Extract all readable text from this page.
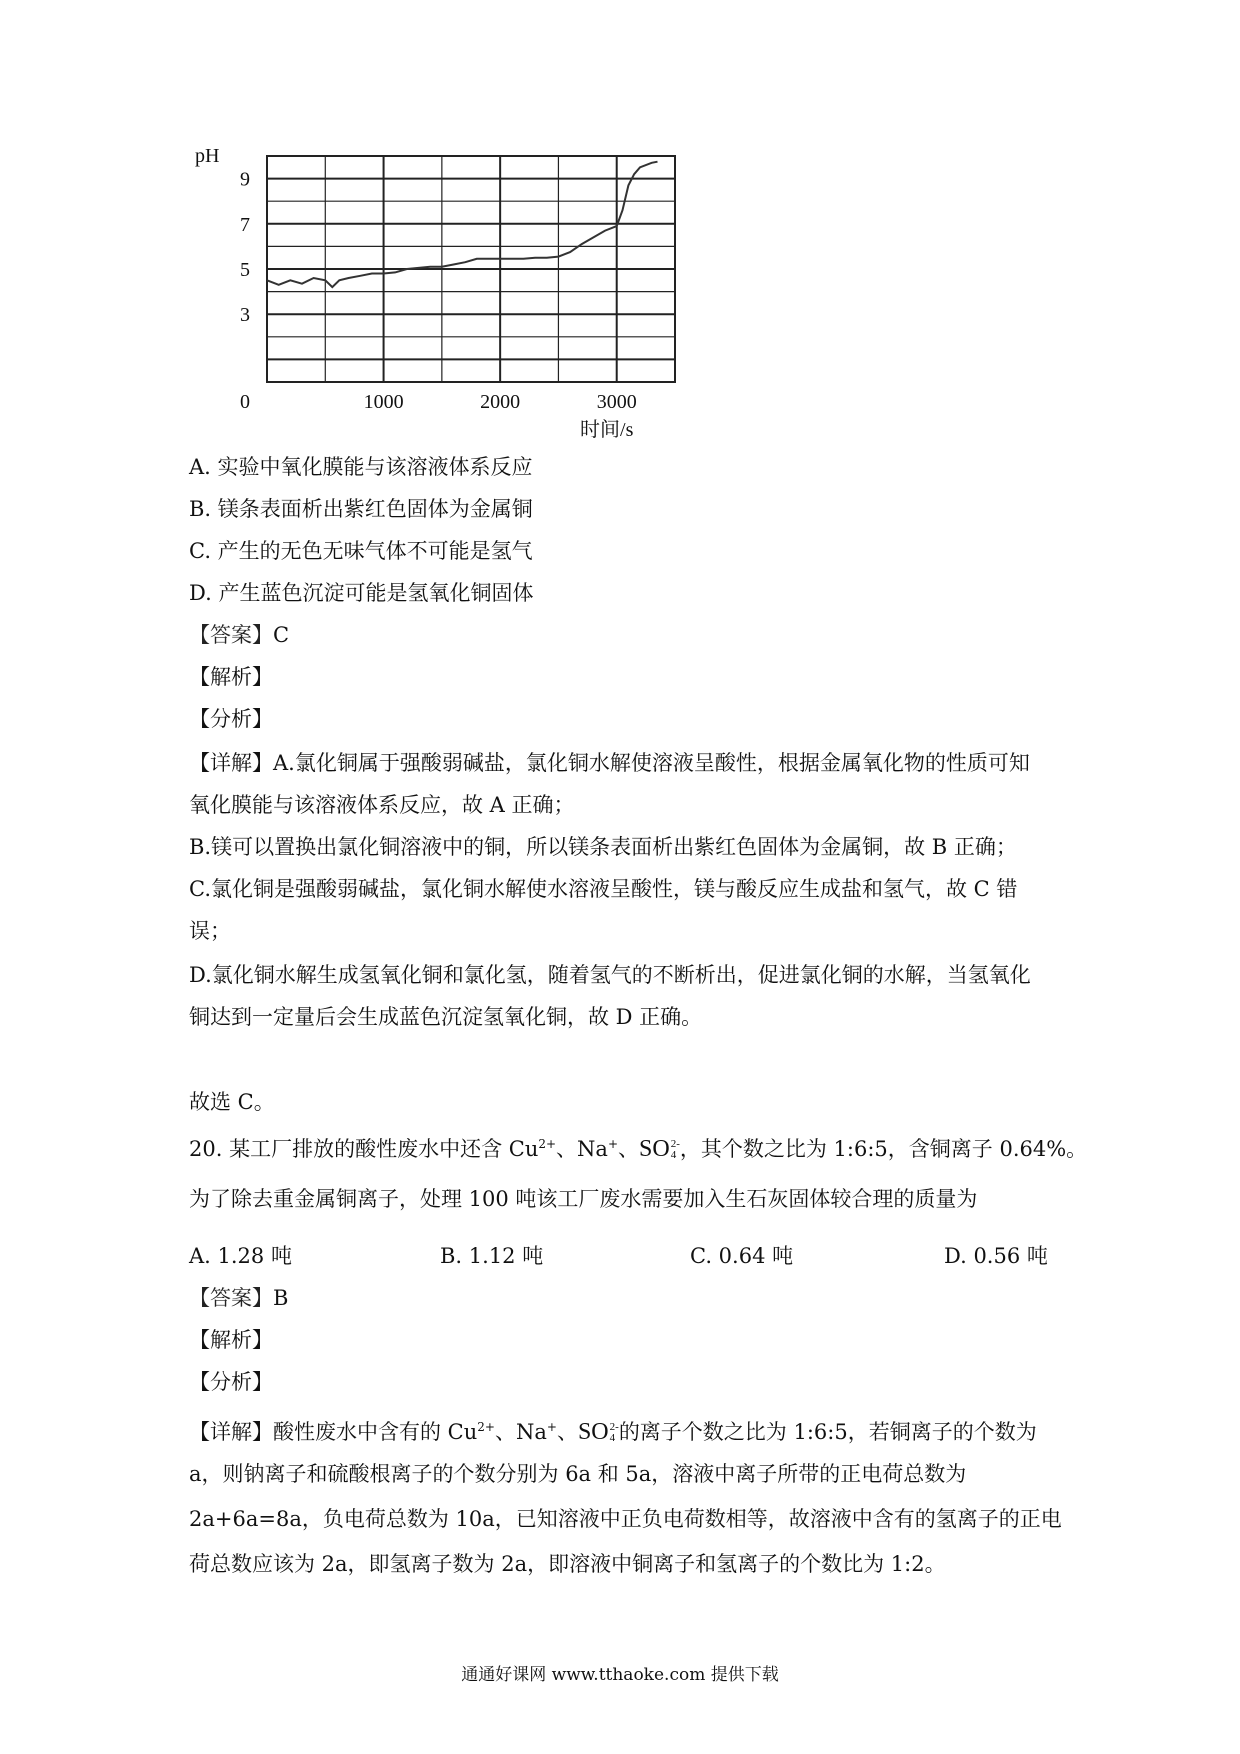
pH
3
5
7
9
0	1000	2000	3000
时间/s
A. 实验中氧化膜能与该溶液体系反应
B. 镁条表面析出紫红色固体为金属铜
C. 产生的无色无味气体不可能是氢气
D. 产生蓝色沉淀可能是氢氧化铜固体
【答案】C
【解析】
【分析】
【详解】A.氯化铜属于强酸弱碱盐，氯化铜水解使溶液呈酸性，根据金属氧化物的性质可知
氧化膜能与该溶液体系反应，故 A 正确；
B.镁可以置换出氯化铜溶液中的铜，所以镁条表面析出紫红色固体为金属铜，故 B 正确；
C.氯化铜是强酸弱碱盐，氯化铜水解使水溶液呈酸性，镁与酸反应生成盐和氢气，故 C 错
误；
D.氯化铜水解生成氢氧化铜和氯化氢，随着氢气的不断析出，促进氯化铜的水解，当氢氧化
铜达到一定量后会生成蓝色沉淀氢氧化铜，故 D 正确。
故选 C。
20. 某工厂排放的酸性废水中还含 $Cu^{2+}$、Na+、SO 2-
4 ，其个数之比为 1:6:5，含铜离子 0.64%。
为了除去重金属铜离子，处理 100 吨该工厂废水需要加入生石灰固体较合理的质量为
A. 1.28 吨	B. 1.12 吨	C. 0.64 吨	D. 0.56 吨
【答案】B
【解析】
【分析】
【详解】酸性废水中含有的 $Cu^{2+}$、Na+、SO 2-
4 的离子个数之比为 1:6:5，若铜离子的个数为
a，则钠离子和硫酸根离子的个数分别为 6a 和 5a，溶液中离子所带的正电荷总数为
2a+6a=8a，负电荷总数为 10a，已知溶液中正负电荷数相等，故溶液中含有的氢离子的正电
荷总数应该为 2a，即氢离子数为 2a，即溶液中铜离子和氢离子的个数比为 1:2。
通通好课网 www.tthaoke.com 提供下载
